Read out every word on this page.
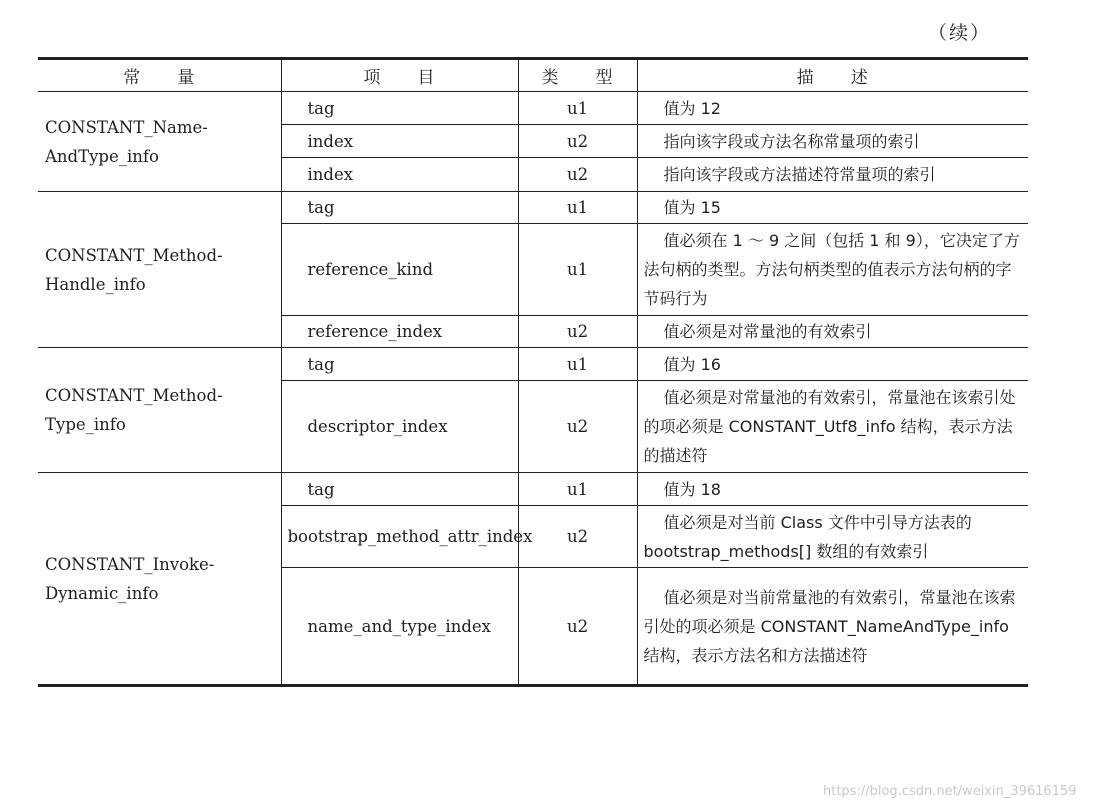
（续）
常　　量	项　　目	类　　型	描　　述

CONSTANT_Name-
AndType_info	tag	u1	值为 12
	index	u2	指向该字段或方法名称常量项的索引
	index	u2	指向该字段或方法描述符常量项的索引

CONSTANT_Method-
Handle_info	tag	u1	值为 15
	reference_kind	u1	值必须在 1 ～ 9 之间（包括 1 和 9），它决定了方法句柄的类型。方法句柄类型的值表示方法句柄的字节码行为
	reference_index	u2	值必须是对常量池的有效索引

CONSTANT_Method-
Type_info	tag	u1	值为 16
	descriptor_index	u2	值必须是对常量池的有效索引，常量池在该索引处的项必须是 CONSTANT_Utf8_info 结构，表示方法的描述符

CONSTANT_Invoke-
Dynamic_info	tag	u1	值为 18
	bootstrap_method_attr_index	u2	值必须是对当前 Class 文件中引导方法表的 bootstrap_methods[] 数组的有效索引
	name_and_type_index	u2	值必须是对当前常量池的有效索引，常量池在该索引处的项必须是 CONSTANT_NameAndType_info 结构，表示方法名和方法描述符
https://blog.csdn.net/weixin_39616159
